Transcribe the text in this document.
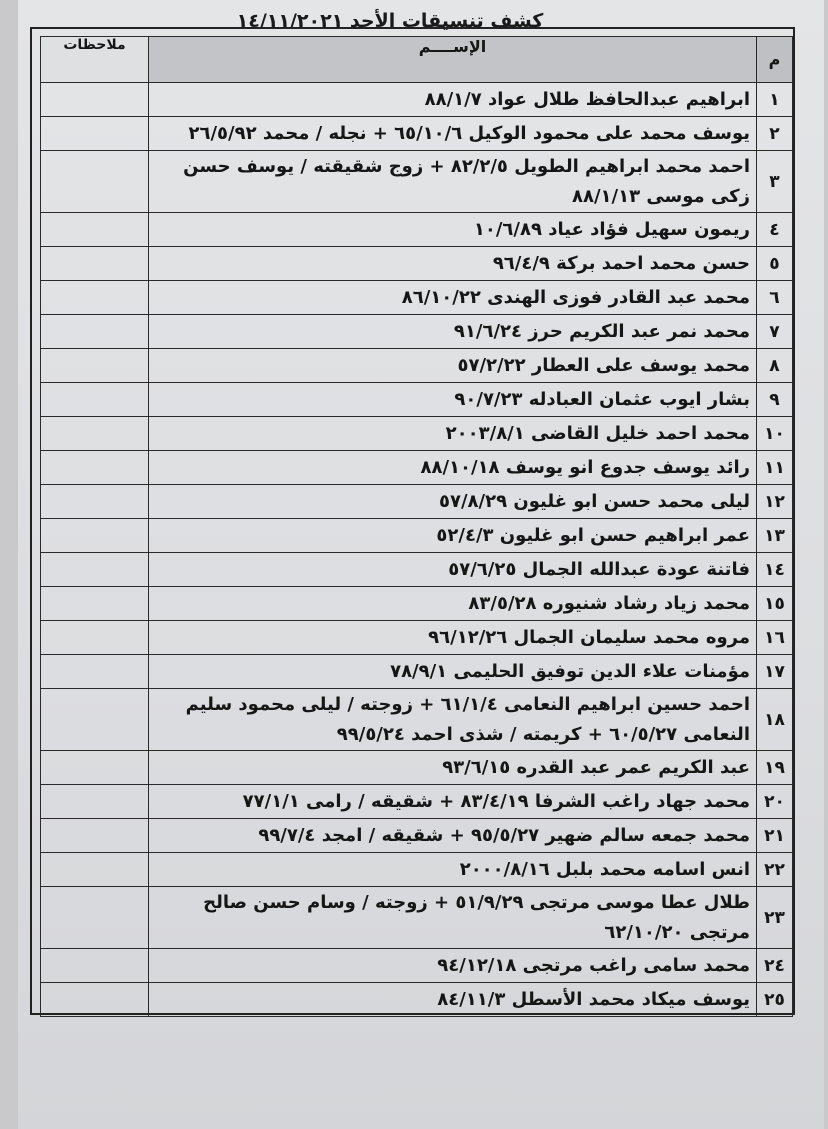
كشف تنسيقات الأحد ١٤/١١/٢٠٢١
م	الإســــم	ملاحظات
١	ابراهيم عبدالحافظ طلال عواد ٨٨/١/٧	
٢	يوسف محمد على محمود الوكيل ٦٥/١٠/٦ + نجله / محمد ٢٦/٥/٩٢	
٣	احمد محمد ابراهيم الطويل ٨٢/٢/٥ + زوج شقيقته / يوسف حسن زكى موسى ٨٨/١/١٣	
٤	ريمون سهيل فؤاد عياد ١٠/٦/٨٩	
٥	حسن محمد احمد بركة ٩٦/٤/٩	
٦	محمد عبد القادر فوزى الهندى ٨٦/١٠/٢٢	
٧	محمد نمر عبد الكريم حرز ٩١/٦/٢٤	
٨	محمد يوسف على العطار ٥٧/٢/٢٢	
٩	بشار ايوب عثمان العبادله ٩٠/٧/٢٣	
١٠	محمد احمد خليل القاضى ٢٠٠٣/٨/١	
١١	رائد يوسف جدوع انو يوسف ٨٨/١٠/١٨	
١٢	ليلى محمد حسن ابو غليون ٥٧/٨/٢٩	
١٣	عمر ابراهيم حسن ابو غليون ٥٢/٤/٣	
١٤	فاتنة عودة عبدالله الجمال ٥٧/٦/٢٥	
١٥	محمد زياد رشاد شنيوره ٨٣/٥/٢٨	
١٦	مروه محمد سليمان الجمال ٩٦/١٢/٢٦	
١٧	مؤمنات علاء الدين توفيق الحليمى ٧٨/٩/١	
١٨	احمد حسين ابراهيم النعامى ٦١/١/٤ + زوجته / ليلى محمود سليم النعامى ٦٠/٥/٢٧ + كريمته / شذى احمد ٩٩/٥/٢٤	
١٩	عبد الكريم عمر عبد القدره ٩٣/٦/١٥	
٢٠	محمد جهاد راغب الشرفا ٨٣/٤/١٩ + شقيقه / رامى ٧٧/١/١	
٢١	محمد جمعه سالم ضهير ٩٥/٥/٢٧ + شقيقه / امجد ٩٩/٧/٤	
٢٢	انس اسامه محمد بلبل ٢٠٠٠/٨/١٦	
٢٣	طلال عطا موسى مرتجى ٥١/٩/٢٩ + زوجته / وسام حسن صالح مرتجى ٦٢/١٠/٢٠	
٢٤	محمد سامى راغب مرتجى ٩٤/١٢/١٨	
٢٥	يوسف ميكاد محمد الأسطل ٨٤/١١/٣	
